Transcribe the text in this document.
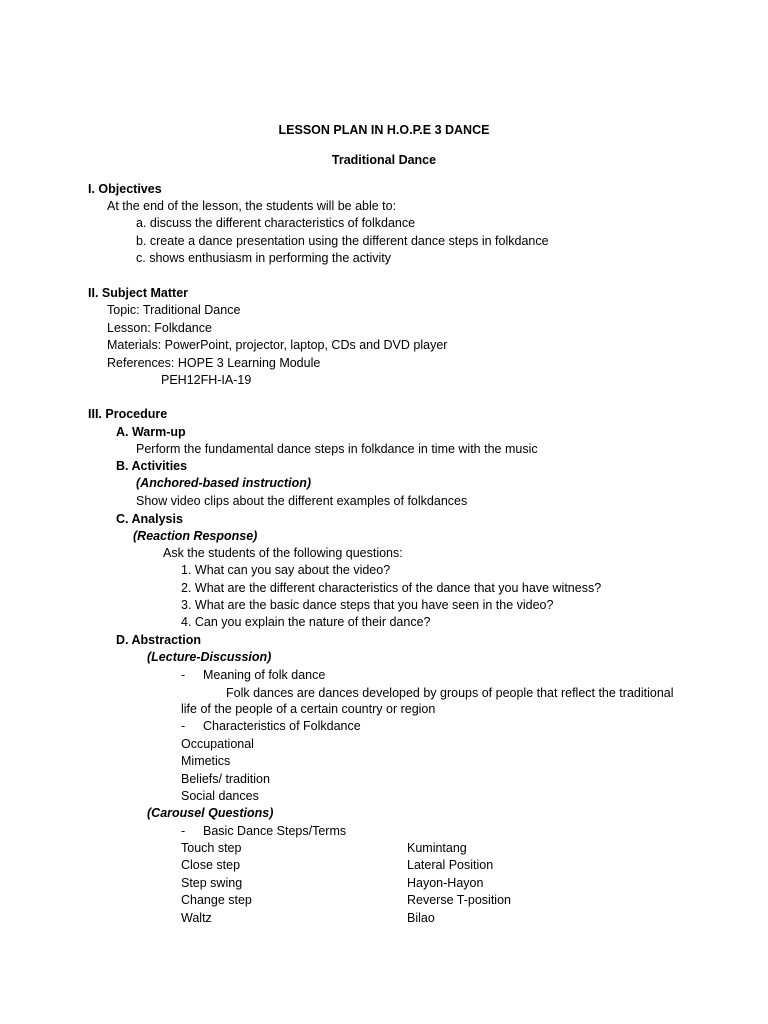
LESSON PLAN IN H.O.P.E 3 DANCE
Traditional Dance
I. Objectives
At the end of the lesson, the students will be able to:
a. discuss the different characteristics of folkdance
b. create a dance presentation using the different dance steps in folkdance
c. shows enthusiasm in performing the activity
II. Subject Matter
Topic: Traditional Dance
Lesson: Folkdance
Materials: PowerPoint, projector, laptop, CDs and DVD player
References: HOPE 3 Learning Module
PEH12FH-IA-19
III. Procedure
A. Warm-up
Perform the fundamental dance steps in folkdance in time with the music
B. Activities
(Anchored-based instruction)
Show video clips about the different examples of folkdances
C. Analysis
(Reaction Response)
Ask the students of the following questions:
1. What can you say about the video?
2. What are the different characteristics of the dance that you have witness?
3. What are the basic dance steps that you have seen in the video?
4. Can you explain the nature of their dance?
D. Abstraction
(Lecture-Discussion)
- Meaning of folk dance
Folk dances are dances developed by groups of people that reflect the traditional
life of the people of a certain country or region
- Characteristics of Folkdance
Occupational
Mimetics
Beliefs/ tradition
Social dances
(Carousel Questions)
- Basic Dance Steps/Terms
Touch step
Close step
Step swing
Change step
Waltz
Kumintang
Lateral Position
Hayon-Hayon
Reverse T-position
Bilao
